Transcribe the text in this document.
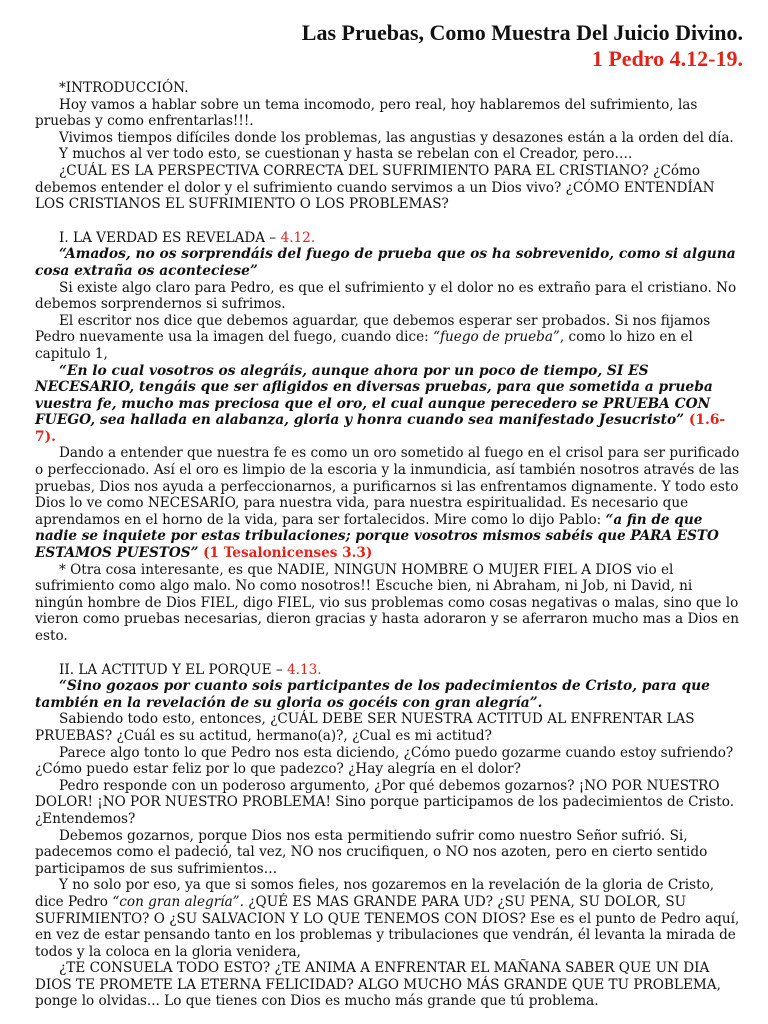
Las Pruebas, Como Muestra Del Juicio Divino.
1 Pedro 4.12-19.

*INTRODUCCIÓN.

Hoy vamos a hablar sobre un tema incomodo, pero real, hoy hablaremos del sufrimiento, las pruebas y como enfrentarlas!!!.

Vivimos tiempos difíciles donde los problemas, las angustias y desazones están a la orden del día.

Y muchos al ver todo esto, se cuestionan y hasta se rebelan con el Creador, pero….

¿CUÁL ES LA PERSPECTIVA CORRECTA DEL SUFRIMIENTO PARA EL CRISTIANO? ¿Cómo debemos entender el dolor y el sufrimiento cuando servimos a un Dios vivo? ¿CÓMO ENTENDÍAN LOS CRISTIANOS EL SUFRIMIENTO O LOS PROBLEMAS?

I. LA VERDAD ES REVELADA – 4.12.

“Amados, no os sorprendáis del fuego de prueba que os ha sobrevenido, como si alguna cosa extraña os aconteciese”

Si existe algo claro para Pedro, es que el sufrimiento y el dolor no es extraño para el cristiano. No debemos sorprendernos si sufrimos.

El escritor nos dice que debemos aguardar, que debemos esperar ser probados. Si nos fijamos Pedro nuevamente usa la imagen del fuego, cuando dice: “fuego de prueba”, como lo hizo en el capitulo 1,

“En lo cual vosotros os alegráis, aunque ahora por un poco de tiempo, SI ES NECESARIO, tengáis que ser afligidos en diversas pruebas, para que sometida a prueba vuestra fe, mucho mas preciosa que el oro, el cual aunque perecedero se PRUEBA CON FUEGO, sea hallada en alabanza, gloria y honra cuando sea manifestado Jesucristo” (1.6-7).

Dando a entender que nuestra fe es como un oro sometido al fuego en el crisol para ser purificado o perfeccionado. Así el oro es limpio de la escoria y la inmundicia, así también nosotros através de las pruebas, Dios nos ayuda a perfeccionarnos, a purificarnos si las enfrentamos dignamente. Y todo esto Dios lo ve como NECESARIO, para nuestra vida, para nuestra espiritualidad. Es necesario que aprendamos en el horno de la vida, para ser fortalecidos. Mire como lo dijo Pablo: “a fin de que nadie se inquiete por estas tribulaciones; porque vosotros mismos sabéis que PARA ESTO ESTAMOS PUESTOS” (1 Tesalonicenses 3.3)

* Otra cosa interesante, es que NADIE, NINGUN HOMBRE O MUJER FIEL A DIOS vio el sufrimiento como algo malo. No como nosotros!! Escuche bien, ni Abraham, ni Job, ni David, ni ningún hombre de Dios FIEL, digo FIEL, vio sus problemas como cosas negativas o malas, sino que lo vieron como pruebas necesarias, dieron gracias y hasta adoraron y se aferraron mucho mas a Dios en esto.

II. LA ACTITUD Y EL PORQUE – 4.13.

“Sino gozaos por cuanto sois participantes de los padecimientos de Cristo, para que también en la revelación de su gloria os gocéis con gran alegría”.

Sabiendo todo esto, entonces, ¿CUÁL DEBE SER NUESTRA ACTITUD AL ENFRENTAR LAS PRUEBAS? ¿Cuál es su actitud, hermano(a)?, ¿Cual es mi actitud?

Parece algo tonto lo que Pedro nos esta diciendo, ¿Cómo puedo gozarme cuando estoy sufriendo? ¿Cómo puedo estar feliz por lo que padezco? ¿Hay alegría en el dolor?

Pedro responde con un poderoso argumento, ¿Por qué debemos gozarnos? ¡NO POR NUESTRO DOLOR! ¡NO POR NUESTRO PROBLEMA! Sino porque participamos de los padecimientos de Cristo. ¿Entendemos?

Debemos gozarnos, porque Dios nos esta permitiendo sufrir como nuestro Señor sufrió. Si, padecemos como el padeció, tal vez, NO nos crucifiquen, o NO nos azoten, pero en cierto sentido participamos de sus sufrimientos…

Y no solo por eso, ya que si somos fieles, nos gozaremos en la revelación de la gloria de Cristo, dice Pedro “con gran alegría”. ¿QUÉ ES MAS GRANDE PARA UD? ¿SU PENA, SU DOLOR, SU SUFRIMIENTO? O ¿SU SALVACION Y LO QUE TENEMOS CON DIOS? Ese es el punto de Pedro aquí, en vez de estar pensando tanto en los problemas y tribulaciones que vendrán, él levanta la mirada de todos y la coloca en la gloria venidera,

¿TE CONSUELA TODO ESTO? ¿TE ANIMA A ENFRENTAR EL MAÑANA SABER QUE UN DIA DIOS TE PROMETE LA ETERNA FELICIDAD? ALGO MUCHO MÁS GRANDE QUE TU PROBLEMA, ponge lo olvidas... Lo que tienes con Dios es mucho más grande que tú problema.
